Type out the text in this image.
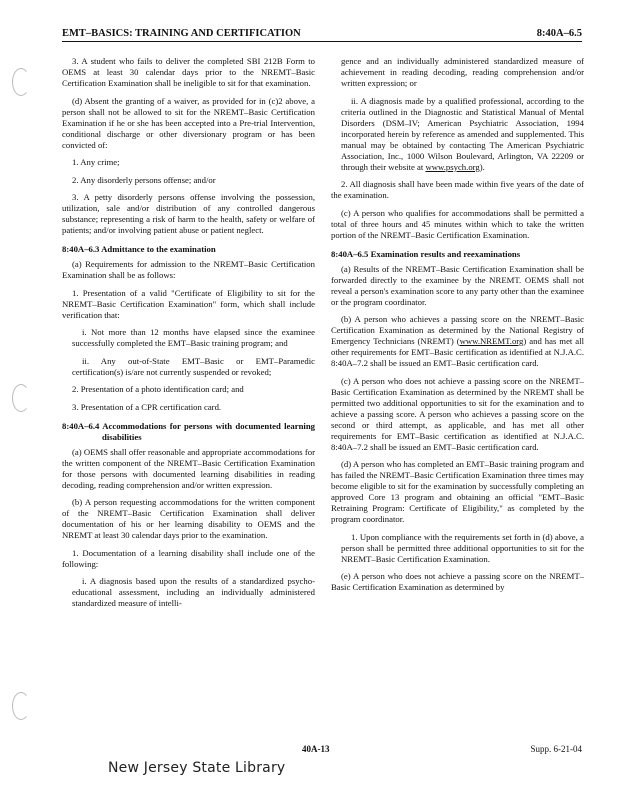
EMT–BASICS: TRAINING AND CERTIFICATION	8:40A–6.5

3. A student who fails to deliver the completed SBI 212B Form to OEMS at least 30 calendar days prior to the NREMT–Basic Certification Examination shall be ineligible to sit for that examination.

(d) Absent the granting of a waiver, as provided for in (c)2 above, a person shall not be allowed to sit for the NREMT–Basic Certification Examination if he or she has been accepted into a Pre-trial Intervention, conditional discharge or other diversionary program or has been convicted of:

1. Any crime;

2. Any disorderly persons offense; and/or

3. A petty disorderly persons offense involving the possession, utilization, sale and/or distribution of any controlled dangerous substance; representing a risk of harm to the health, safety or welfare of patients; and/or involving patient abuse or patient neglect.

8:40A–6.3 Admittance to the examination

(a) Requirements for admission to the NREMT–Basic Certification Examination shall be as follows:

1. Presentation of a valid "Certificate of Eligibility to sit for the NREMT–Basic Certification Examination" form, which shall include verification that:

i. Not more than 12 months have elapsed since the examinee successfully completed the EMT–Basic training program; and

ii. Any out-of-State EMT–Basic or EMT–Paramedic certification(s) is/are not currently suspended or revoked;

2. Presentation of a photo identification card; and

3. Presentation of a CPR certification card.

8:40A–6.4 Accommodations for persons with documented learning disabilities

(a) OEMS shall offer reasonable and appropriate accommodations for the written component of the NREMT–Basic Certification Examination for those persons with documented learning disabilities in reading decoding, reading comprehension and/or written expression.

(b) A person requesting accommodations for the written component of the NREMT–Basic Certification Examination shall deliver documentation of his or her learning disability to OEMS and the NREMT at least 30 calendar days prior to the examination.

1. Documentation of a learning disability shall include one of the following:

i. A diagnosis based upon the results of a standardized psycho-educational assessment, including an individually administered standardized measure of intelli-

gence and an individually administered standardized measure of achievement in reading decoding, reading comprehension and/or written expression; or

ii. A diagnosis made by a qualified professional, according to the criteria outlined in the Diagnostic and Statistical Manual of Mental Disorders (DSM–IV; American Psychiatric Association, 1994 incorporated herein by reference as amended and supplemented. This manual may be obtained by contacting The American Psychiatric Association, Inc., 1000 Wilson Boulevard, Arlington, VA 22209 or through their website at www.psych.org).

2. All diagnosis shall have been made within five years of the date of the examination.

(c) A person who qualifies for accommodations shall be permitted a total of three hours and 45 minutes within which to take the written portion of the NREMT–Basic Certification Examination.

8:40A–6.5 Examination results and reexaminations

(a) Results of the NREMT–Basic Certification Examination shall be forwarded directly to the examinee by the NREMT. OEMS shall not reveal a person's examination score to any party other than the examinee or the program coordinator.

(b) A person who achieves a passing score on the NREMT–Basic Certification Examination as determined by the National Registry of Emergency Technicians (NREMT) (www.NREMT.org) and has met all other requirements for EMT–Basic certification as identified at N.J.A.C. 8:40A–7.2 shall be issued an EMT–Basic certification card.

(c) A person who does not achieve a passing score on the NREMT–Basic Certification Examination as determined by the NREMT shall be permitted two additional opportunities to sit for the examination and to achieve a passing score. A person who achieves a passing score on the second or third attempt, as applicable, and has met all other requirements for EMT–Basic certification as identified at N.J.A.C. 8:40A–7.2 shall be issued an EMT–Basic certification card.

(d) A person who has completed an EMT–Basic training program and has failed the NREMT–Basic Certification Examination three times may become eligible to sit for the examination by successfully completing an approved Core 13 program and obtaining an official "EMT–Basic Retraining Program: Certificate of Eligibility," as completed by the program coordinator.

1. Upon compliance with the requirements set forth in (d) above, a person shall be permitted three additional opportunities to sit for the NREMT–Basic Certification Examination.

(e) A person who does not achieve a passing score on the NREMT–Basic Certification Examination as determined by

40A-13	Supp. 6-21-04
New Jersey State Library
